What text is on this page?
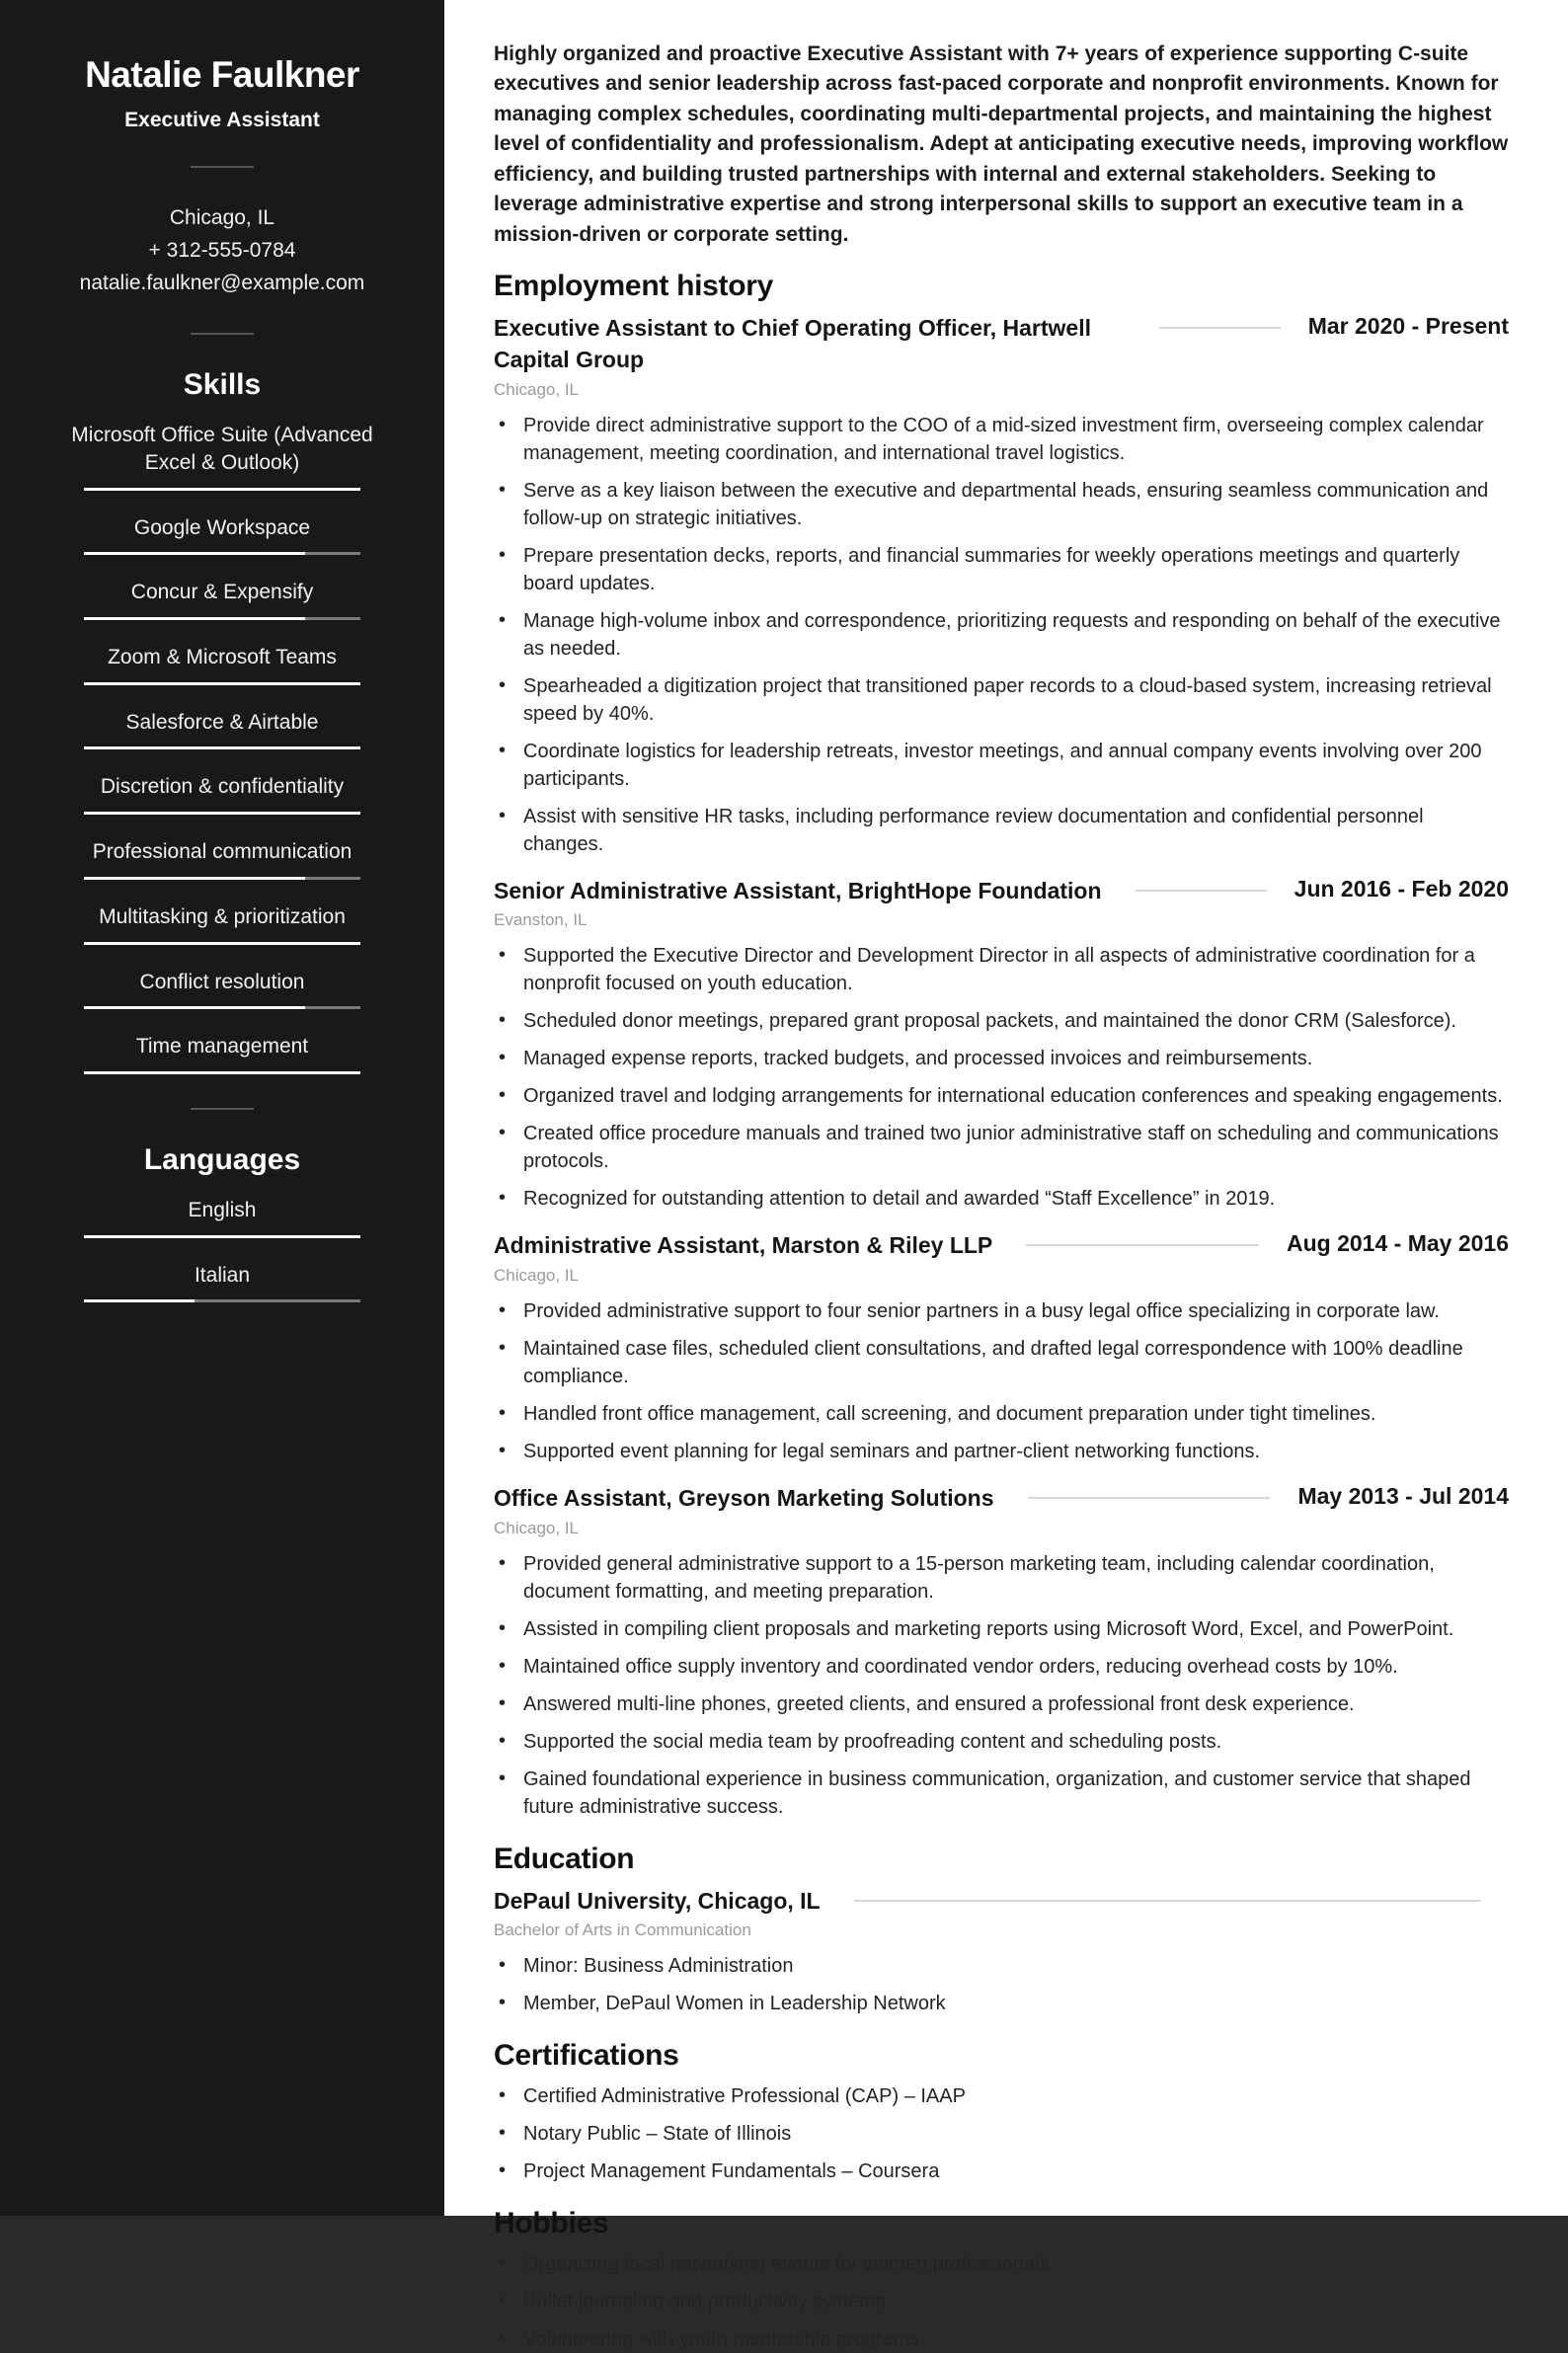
Natalie Faulkner
Executive Assistant
Chicago, IL
+ 312-555-0784
natalie.faulkner@example.com
Skills
Microsoft Office Suite (Advanced Excel & Outlook)
Google Workspace
Concur & Expensify
Zoom & Microsoft Teams
Salesforce & Airtable
Discretion & confidentiality
Professional communication
Multitasking & prioritization
Conflict resolution
Time management
Languages
English
Italian

Highly organized and proactive Executive Assistant with 7+ years of experience supporting C-suite executives and senior leadership across fast-paced corporate and nonprofit environments. Known for managing complex schedules, coordinating multi-departmental projects, and maintaining the highest level of confidentiality and professionalism. Adept at anticipating executive needs, improving workflow efficiency, and building trusted partnerships with internal and external stakeholders. Seeking to leverage administrative expertise and strong interpersonal skills to support an executive team in a mission-driven or corporate setting.

Employment history
Executive Assistant to Chief Operating Officer, Hartwell Capital Group
Mar 2020 - Present
Chicago, IL
• Provide direct administrative support to the COO of a mid-sized investment firm, overseeing complex calendar management, meeting coordination, and international travel logistics.
• Serve as a key liaison between the executive and departmental heads, ensuring seamless communication and follow-up on strategic initiatives.
• Prepare presentation decks, reports, and financial summaries for weekly operations meetings and quarterly board updates.
• Manage high-volume inbox and correspondence, prioritizing requests and responding on behalf of the executive as needed.
• Spearheaded a digitization project that transitioned paper records to a cloud-based system, increasing retrieval speed by 40%.
• Coordinate logistics for leadership retreats, investor meetings, and annual company events involving over 200 participants.
• Assist with sensitive HR tasks, including performance review documentation and confidential personnel changes.
Senior Administrative Assistant, BrightHope Foundation	Jun 2016 - Feb 2020
Evanston, IL
• Supported the Executive Director and Development Director in all aspects of administrative coordination for a nonprofit focused on youth education.
• Scheduled donor meetings, prepared grant proposal packets, and maintained the donor CRM (Salesforce).
• Managed expense reports, tracked budgets, and processed invoices and reimbursements.
• Organized travel and lodging arrangements for international education conferences and speaking engagements.
• Created office procedure manuals and trained two junior administrative staff on scheduling and communications protocols.
• Recognized for outstanding attention to detail and awarded “Staff Excellence” in 2019.
Administrative Assistant, Marston & Riley LLP	Aug 2014 - May 2016
Chicago, IL
• Provided administrative support to four senior partners in a busy legal office specializing in corporate law.
• Maintained case files, scheduled client consultations, and drafted legal correspondence with 100% deadline compliance.
• Handled front office management, call screening, and document preparation under tight timelines.
• Supported event planning for legal seminars and partner-client networking functions.
Office Assistant, Greyson Marketing Solutions	May 2013 - Jul 2014
Chicago, IL
• Provided general administrative support to a 15-person marketing team, including calendar coordination, document formatting, and meeting preparation.
• Assisted in compiling client proposals and marketing reports using Microsoft Word, Excel, and PowerPoint.
• Maintained office supply inventory and coordinated vendor orders, reducing overhead costs by 10%.
• Answered multi-line phones, greeted clients, and ensured a professional front desk experience.
• Supported the social media team by proofreading content and scheduling posts.
• Gained foundational experience in business communication, organization, and customer service that shaped future administrative success.
Education
DePaul University, Chicago, IL
Bachelor of Arts in Communication
• Minor: Business Administration
• Member, DePaul Women in Leadership Network
Certifications
• Certified Administrative Professional (CAP) – IAAP
• Notary Public – State of Illinois
• Project Management Fundamentals – Coursera
Hobbies
• Organizing local networking events for women professionals
• Bullet journaling and productivity systems
• Volunteering with youth mentorship programs
